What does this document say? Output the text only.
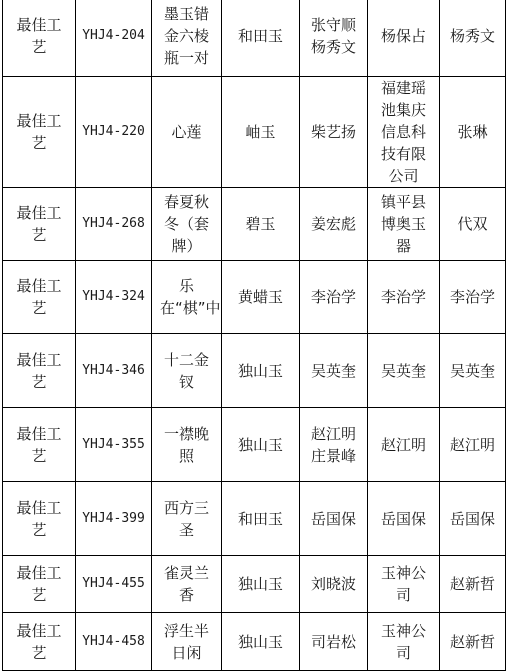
最佳工艺	YHJ4-204	墨玉错金六棱瓶一对	和田玉	张守顺 杨秀文	杨保占	杨秀文
最佳工艺	YHJ4-220	心莲	岫玉	柴艺扬	福建瑶池集庆信息科技有限公司	张琳
最佳工艺	YHJ4-268	春夏秋冬（套牌）	碧玉	姜宏彪	镇平县博奥玉器	代双
最佳工艺	YHJ4-324	乐在“棋”中	黄蜡玉	李治学	李治学	李治学
最佳工艺	YHJ4-346	十二金钗	独山玉	吴英奎	吴英奎	吴英奎
最佳工艺	YHJ4-355	一襟晚照	独山玉	赵江明 庄景峰	赵江明	赵江明
最佳工艺	YHJ4-399	西方三圣	和田玉	岳国保	岳国保	岳国保
最佳工艺	YHJ4-455	雀灵兰香	独山玉	刘晓波	玉神公司	赵新哲
最佳工艺	YHJ4-458	浮生半日闲	独山玉	司岩松	玉神公司	赵新哲
